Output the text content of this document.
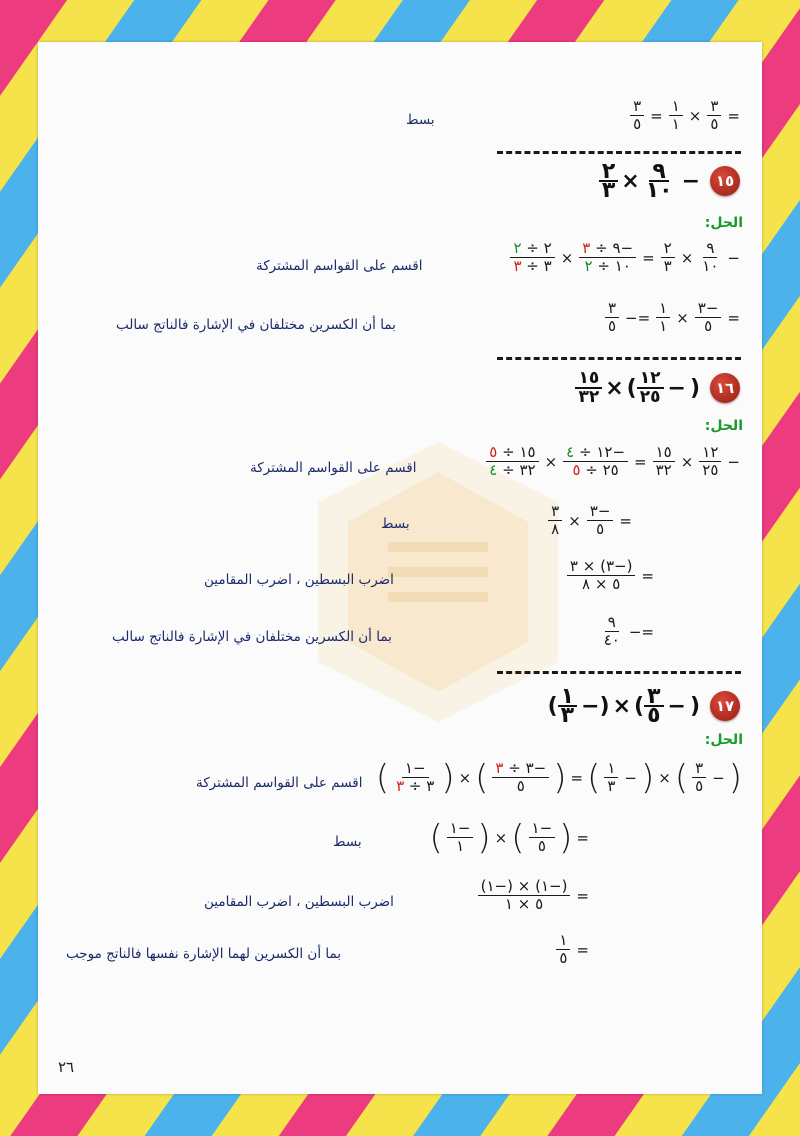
بسط	=
٣
٥
×
١
١
=
٣
٥
١٥
−
٩
١٠
×
٢
٣
الحل:
اقسم على القواسم المشتركة	−
٩
١٠
×
٢
٣
=
−٩ ÷ ٣
١٠ ÷ ٢
×
٢ ÷ ٢
٣ ÷ ٣
بما أن الكسرين مختلفان في الإشارة فالناتج سالب	=
−٣
٥
×
١
١
=−
٣
٥
١٦
(
−
١٢
٢٥
)
×
١٥
٣٢
الحل:
اقسم على القواسم المشتركة	−
١٢
٢٥
×
١٥
٣٢
=
−١٢ ÷ ٤
٢٥ ÷ ٥
×
١٥ ÷ ٥
٣٢ ÷ ٤
بسط	=
−٣
٥
×
٣
٨
اضرب البسطين ، اضرب المقامين	=
(−٣) × ٣
٥ × ٨
بما أن الكسرين مختلفان في الإشارة فالناتج سالب	=−
٩
٤٠
١٧
(
−
٣
٥
)
×
(
−
١
٣
)
الحل:
اقسم على القواسم المشتركة	(
−
٣
٥
)
×
(
−
١
٣
)
=
(
−٣ ÷ ٣
٥
)
×
(
−١
٣ ÷ ٣
)
بسط	=
(
−١
٥
)
×
(
−١
١
)
اضرب البسطين ، اضرب المقامين	=
(−١) × (−١)
٥ × ١
بما أن الكسرين لهما الإشارة نفسها فالناتج موجب	=
١
٥
٢٦
